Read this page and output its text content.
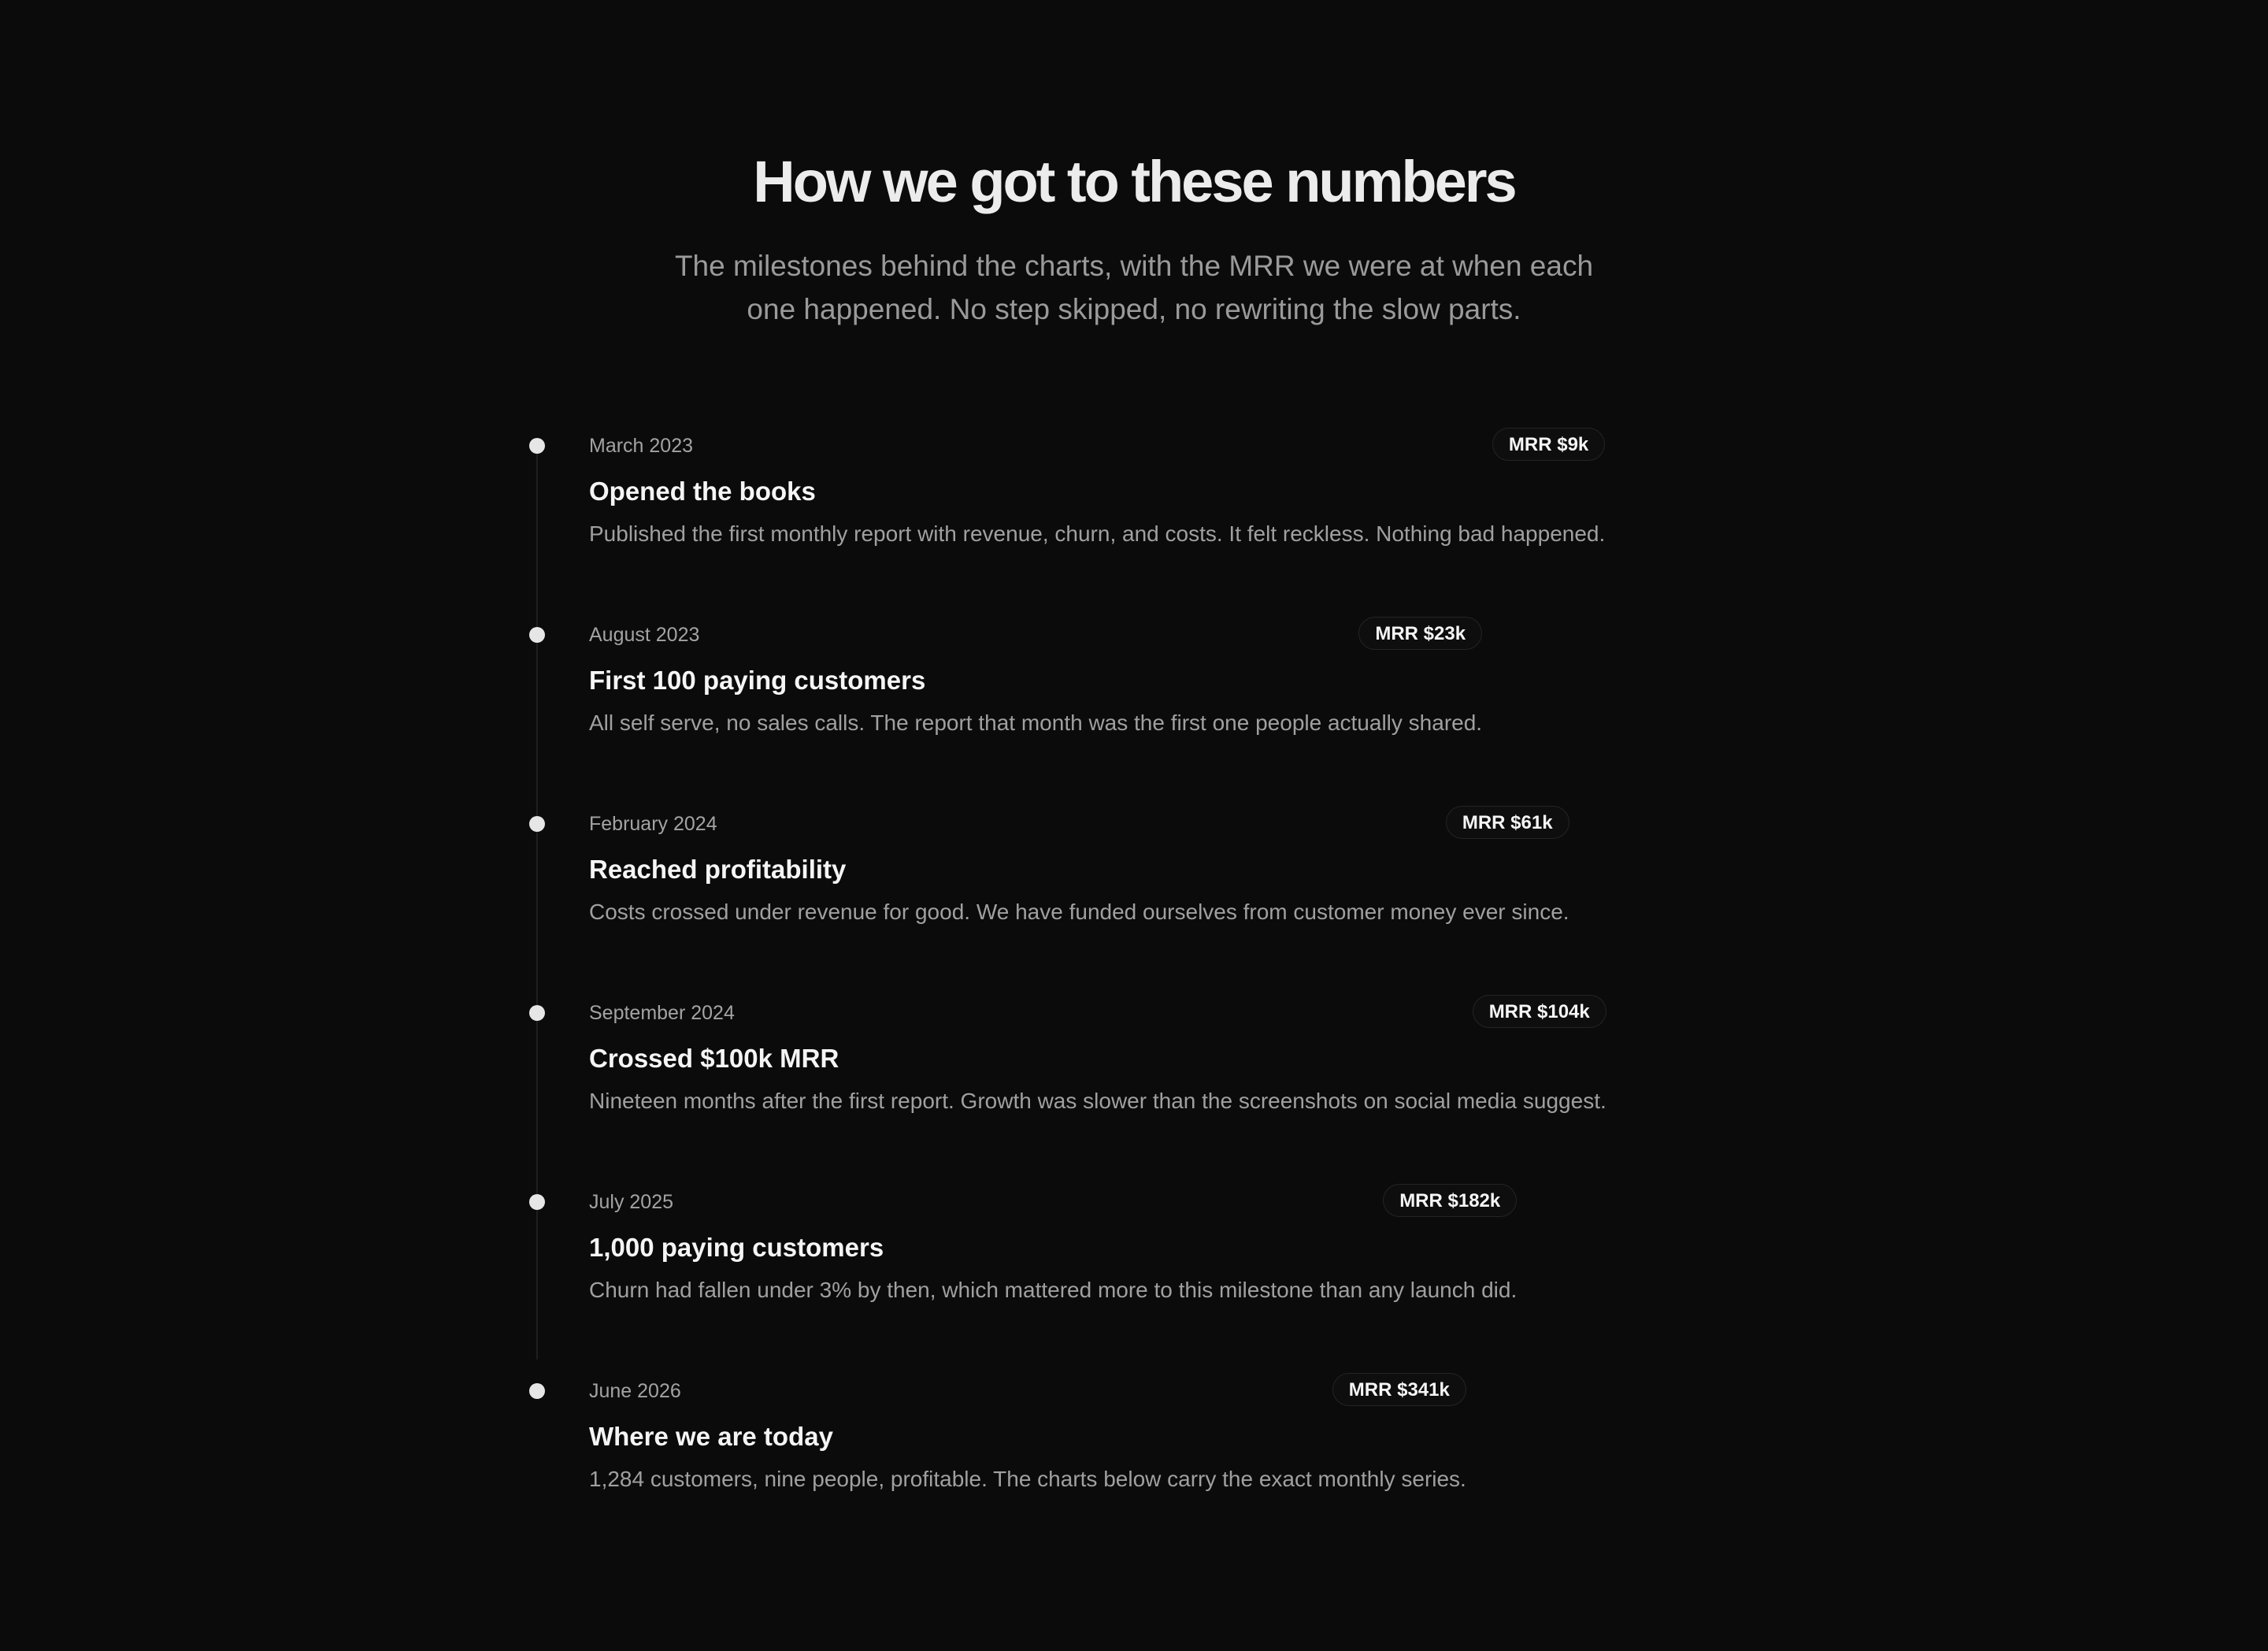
How we got to these numbers

The milestones behind the charts, with the MRR we were at when each one happened. No step skipped, no rewriting the slow parts.

March 2023	MRR $9k
Opened the books
Published the first monthly report with revenue, churn, and costs. It felt reckless. Nothing bad happened.
August 2023	MRR $23k
First 100 paying customers
All self serve, no sales calls. The report that month was the first one people actually shared.
February 2024	MRR $61k
Reached profitability
Costs crossed under revenue for good. We have funded ourselves from customer money ever since.
September 2024	MRR $104k
Crossed $100k MRR
Nineteen months after the first report. Growth was slower than the screenshots on social media suggest.
July 2025	MRR $182k
1,000 paying customers
Churn had fallen under 3% by then, which mattered more to this milestone than any launch did.
June 2026	MRR $341k
Where we are today
1,284 customers, nine people, profitable. The charts below carry the exact monthly series.
